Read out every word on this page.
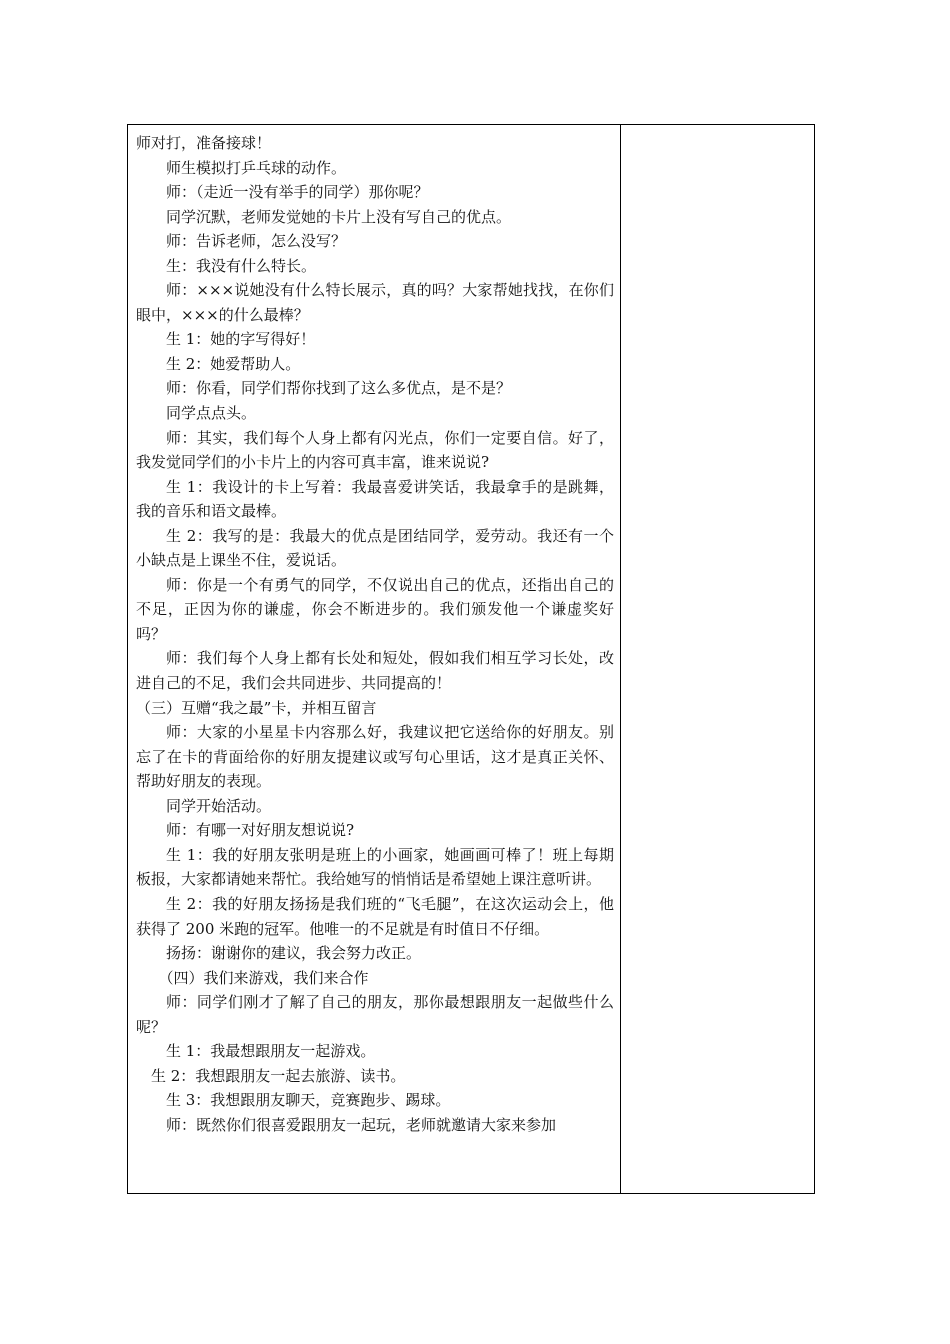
师对打，准备接球！

师生模拟打乒乓球的动作。

师：（走近一没有举手的同学）那你呢？

同学沉默，老师发觉她的卡片上没有写自己的优点。

师：告诉老师，怎么没写？

生：我没有什么特长。

师：×××说她没有什么特长展示，真的吗？大家帮她找找，在你们眼中，×××的什么最棒？

生 1：她的字写得好！

生 2：她爱帮助人。

师：你看，同学们帮你找到了这么多优点，是不是？

同学点点头。

师：其实，我们每个人身上都有闪光点，你们一定要自信。好了，我发觉同学们的小卡片上的内容可真丰富，谁来说说?

生 1：我设计的卡上写着：我最喜爱讲笑话，我最拿手的是跳舞，我的音乐和语文最棒。

生 2：我写的是：我最大的优点是团结同学，爱劳动。我还有一个小缺点是上课坐不住，爱说话。

师：你是一个有勇气的同学，不仅说出自己的优点，还指出自己的不足，正因为你的谦虚，你会不断进步的。我们颁发他一个谦虚奖好吗？

师：我们每个人身上都有长处和短处，假如我们相互学习长处，改进自己的不足，我们会共同进步、共同提高的！

（三）互赠“我之最”卡，并相互留言

师：大家的小星星卡内容那么好，我建议把它送给你的好朋友。别忘了在卡的背面给你的好朋友提建议或写句心里话，这才是真正关怀、帮助好朋友的表现。

同学开始活动。

师：有哪一对好朋友想说说?

生 1：我的好朋友张明是班上的小画家，她画画可棒了！班上每期板报，大家都请她来帮忙。我给她写的悄悄话是希望她上课注意听讲。

生 2：我的好朋友扬扬是我们班的“飞毛腿”，在这次运动会上，他获得了 200 米跑的冠军。他唯一的不足就是有时值日不仔细。

扬扬：谢谢你的建议，我会努力改正。

（四）我们来游戏，我们来合作

师：同学们刚才了解了自己的朋友，那你最想跟朋友一起做些什么呢？

生 1：我最想跟朋友一起游戏。

生 2：我想跟朋友一起去旅游、读书。

生 3：我想跟朋友聊天，竞赛跑步、踢球。

师：既然你们很喜爱跟朋友一起玩，老师就邀请大家来参加
